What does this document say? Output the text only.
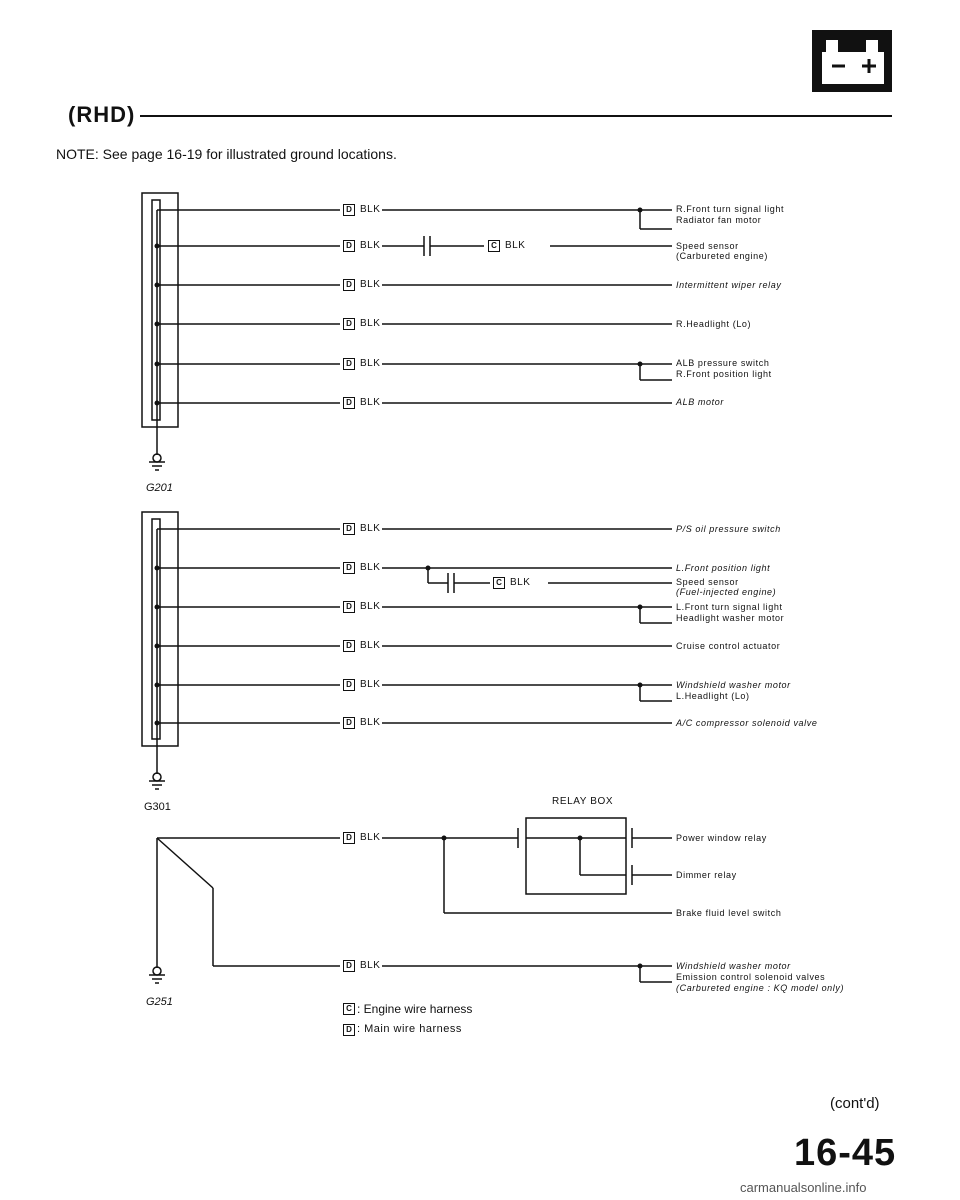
(RHD)
NOTE: See page 16-19 for illustrated ground locations.
D BLK
D BLK	C BLK
D BLK
D BLK
D BLK
D BLK
R.Front turn signal light
Radiator fan motor
Speed sensor
(Carbureted engine)
Intermittent wiper relay
R.Headlight (Lo)
ALB pressure switch
R.Front position light
ALB motor
G201
D BLK
D BLK
C BLK
D BLK
D BLK
D BLK
D BLK
P/S oil pressure switch
L.Front position light
Speed sensor
(Fuel-injected engine)
L.Front turn signal light
Headlight washer motor
Cruise control actuator
Windshield washer motor
L.Headlight (Lo)
A/C compressor solenoid valve
G301	RELAY BOX
D BLK
D BLK
Power window relay
Dimmer relay
Brake fluid level switch
Windshield washer motor
Emission control solenoid valves
(Carbureted engine : KQ model only)
G251
C : Engine wire harness
D : Main wire harness
(cont'd)
16-45
carmanualsonline.info
